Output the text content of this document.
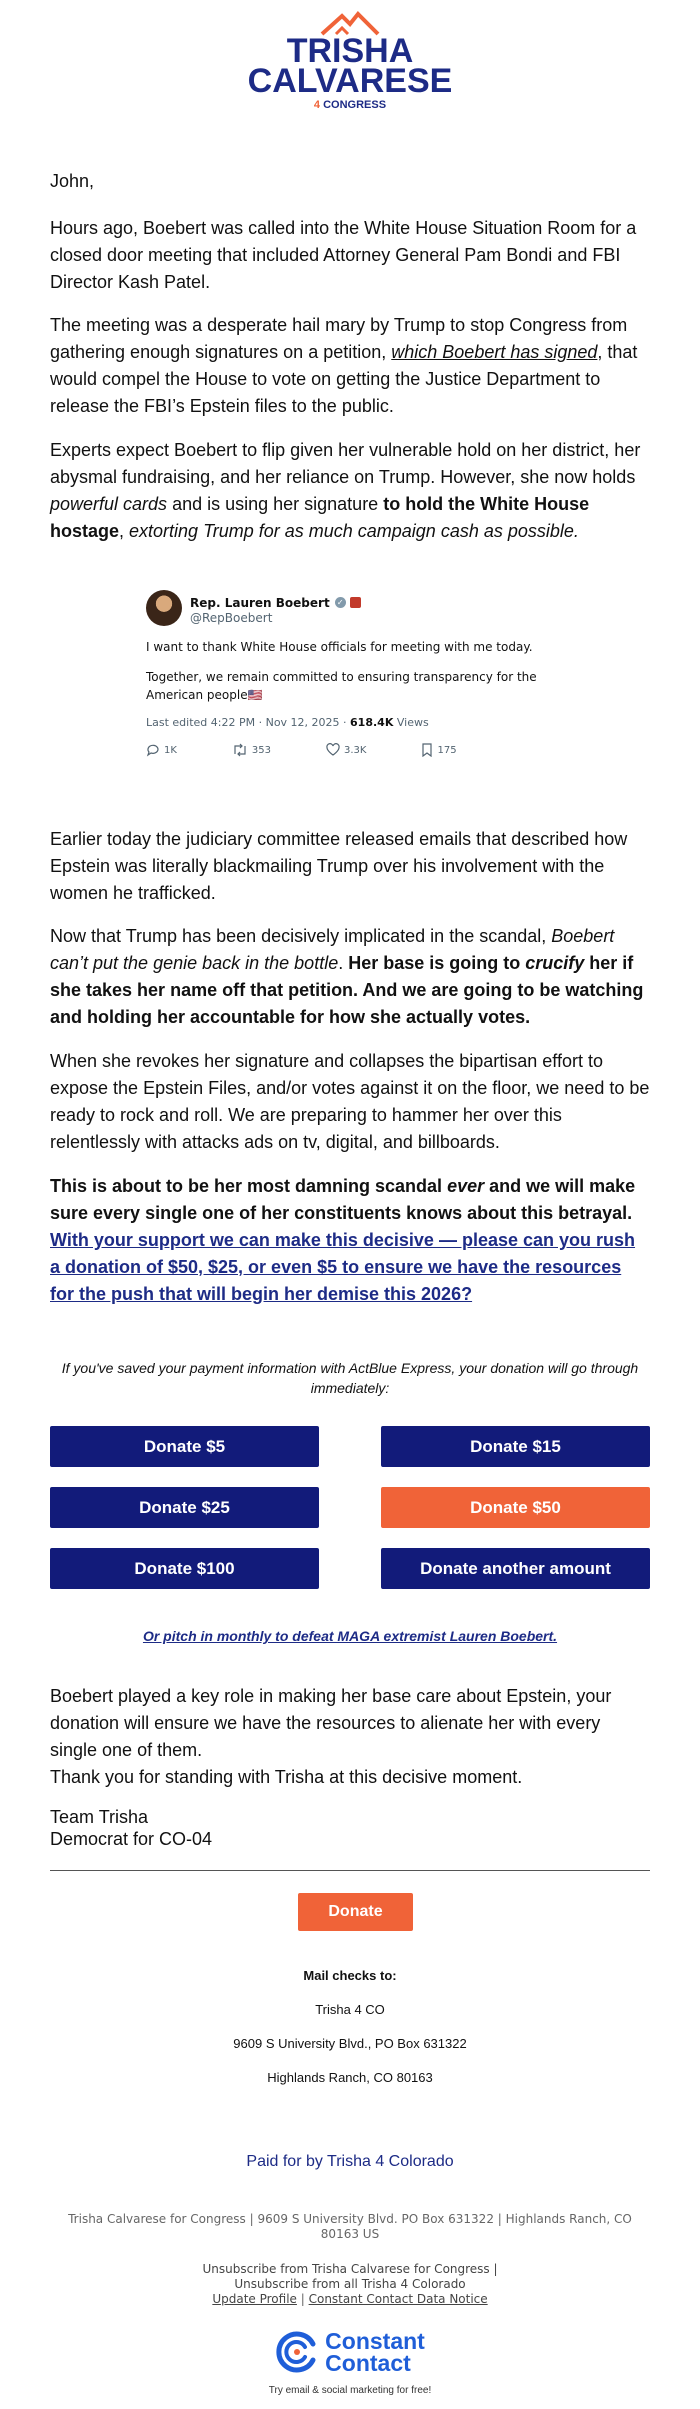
TRISHA
CALVARESE
4 CONGRESS

John,

Hours ago, Boebert was called into the White House Situation Room for a closed door meeting that included Attorney General Pam Bondi and FBI Director Kash Patel.

The meeting was a desperate hail mary by Trump to stop Congress from gathering enough signatures on a petition, which Boebert has signed, that would compel the House to vote on getting the Justice Department to release the FBI’s Epstein files to the public.

Experts expect Boebert to flip given her vulnerable hold on her district, her abysmal fundraising, and her reliance on Trump. However, she now holds powerful cards and is using her signature to hold the White House hostage, extorting Trump for as much campaign cash as possible.

Rep. Lauren Boebert ✓
@RepBoebert
I want to thank White House officials for meeting with me today.
Together, we remain committed to ensuring transparency for the American people🇺🇸
Last edited 4:22 PM · Nov 12, 2025 · 618.4K Views
1K	353	3.3K	175

Earlier today the judiciary committee released emails that described how Epstein was literally blackmailing Trump over his involvement with the women he trafficked.

Now that Trump has been decisively implicated in the scandal, Boebert can’t put the genie back in the bottle. Her base is going to crucify her if she takes her name off that petition. And we are going to be watching and holding her accountable for how she actually votes.

When she revokes her signature and collapses the bipartisan effort to expose the Epstein Files, and/or votes against it on the floor, we need to be ready to rock and roll. We are preparing to hammer her over this relentlessly with attacks ads on tv, digital, and billboards.

This is about to be her most damning scandal ever and we will make sure every single one of her constituents knows about this betrayal. With your support we can make this decisive — please can you rush a donation of $50, $25, or even $5 to ensure we have the resources for the push that will begin her demise this 2026?

If you've saved your payment information with ActBlue Express, your donation will go through immediately:
Donate $5	Donate $15
Donate $25	Donate $50
Donate $100	Donate another amount
Or pitch in monthly to defeat MAGA extremist Lauren Boebert.

Boebert played a key role in making her base care about Epstein, your donation will ensure we have the resources to alienate her with every single one of them.

Thank you for standing with Trisha at this decisive moment.

Team Trisha

Democrat for CO-04

Donate
Mail checks to:
Trisha 4 CO
9609 S University Blvd., PO Box 631322
Highlands Ranch, CO 80163
Paid for by Trisha 4 Colorado
Trisha Calvarese for Congress | 9609 S University Blvd. PO Box 631322 | Highlands Ranch, CO 80163 US
Unsubscribe from Trisha Calvarese for Congress |
Unsubscribe from all Trisha 4 Colorado
Update Profile | Constant Contact Data Notice
Constant
Contact
Try email & social marketing for free!
